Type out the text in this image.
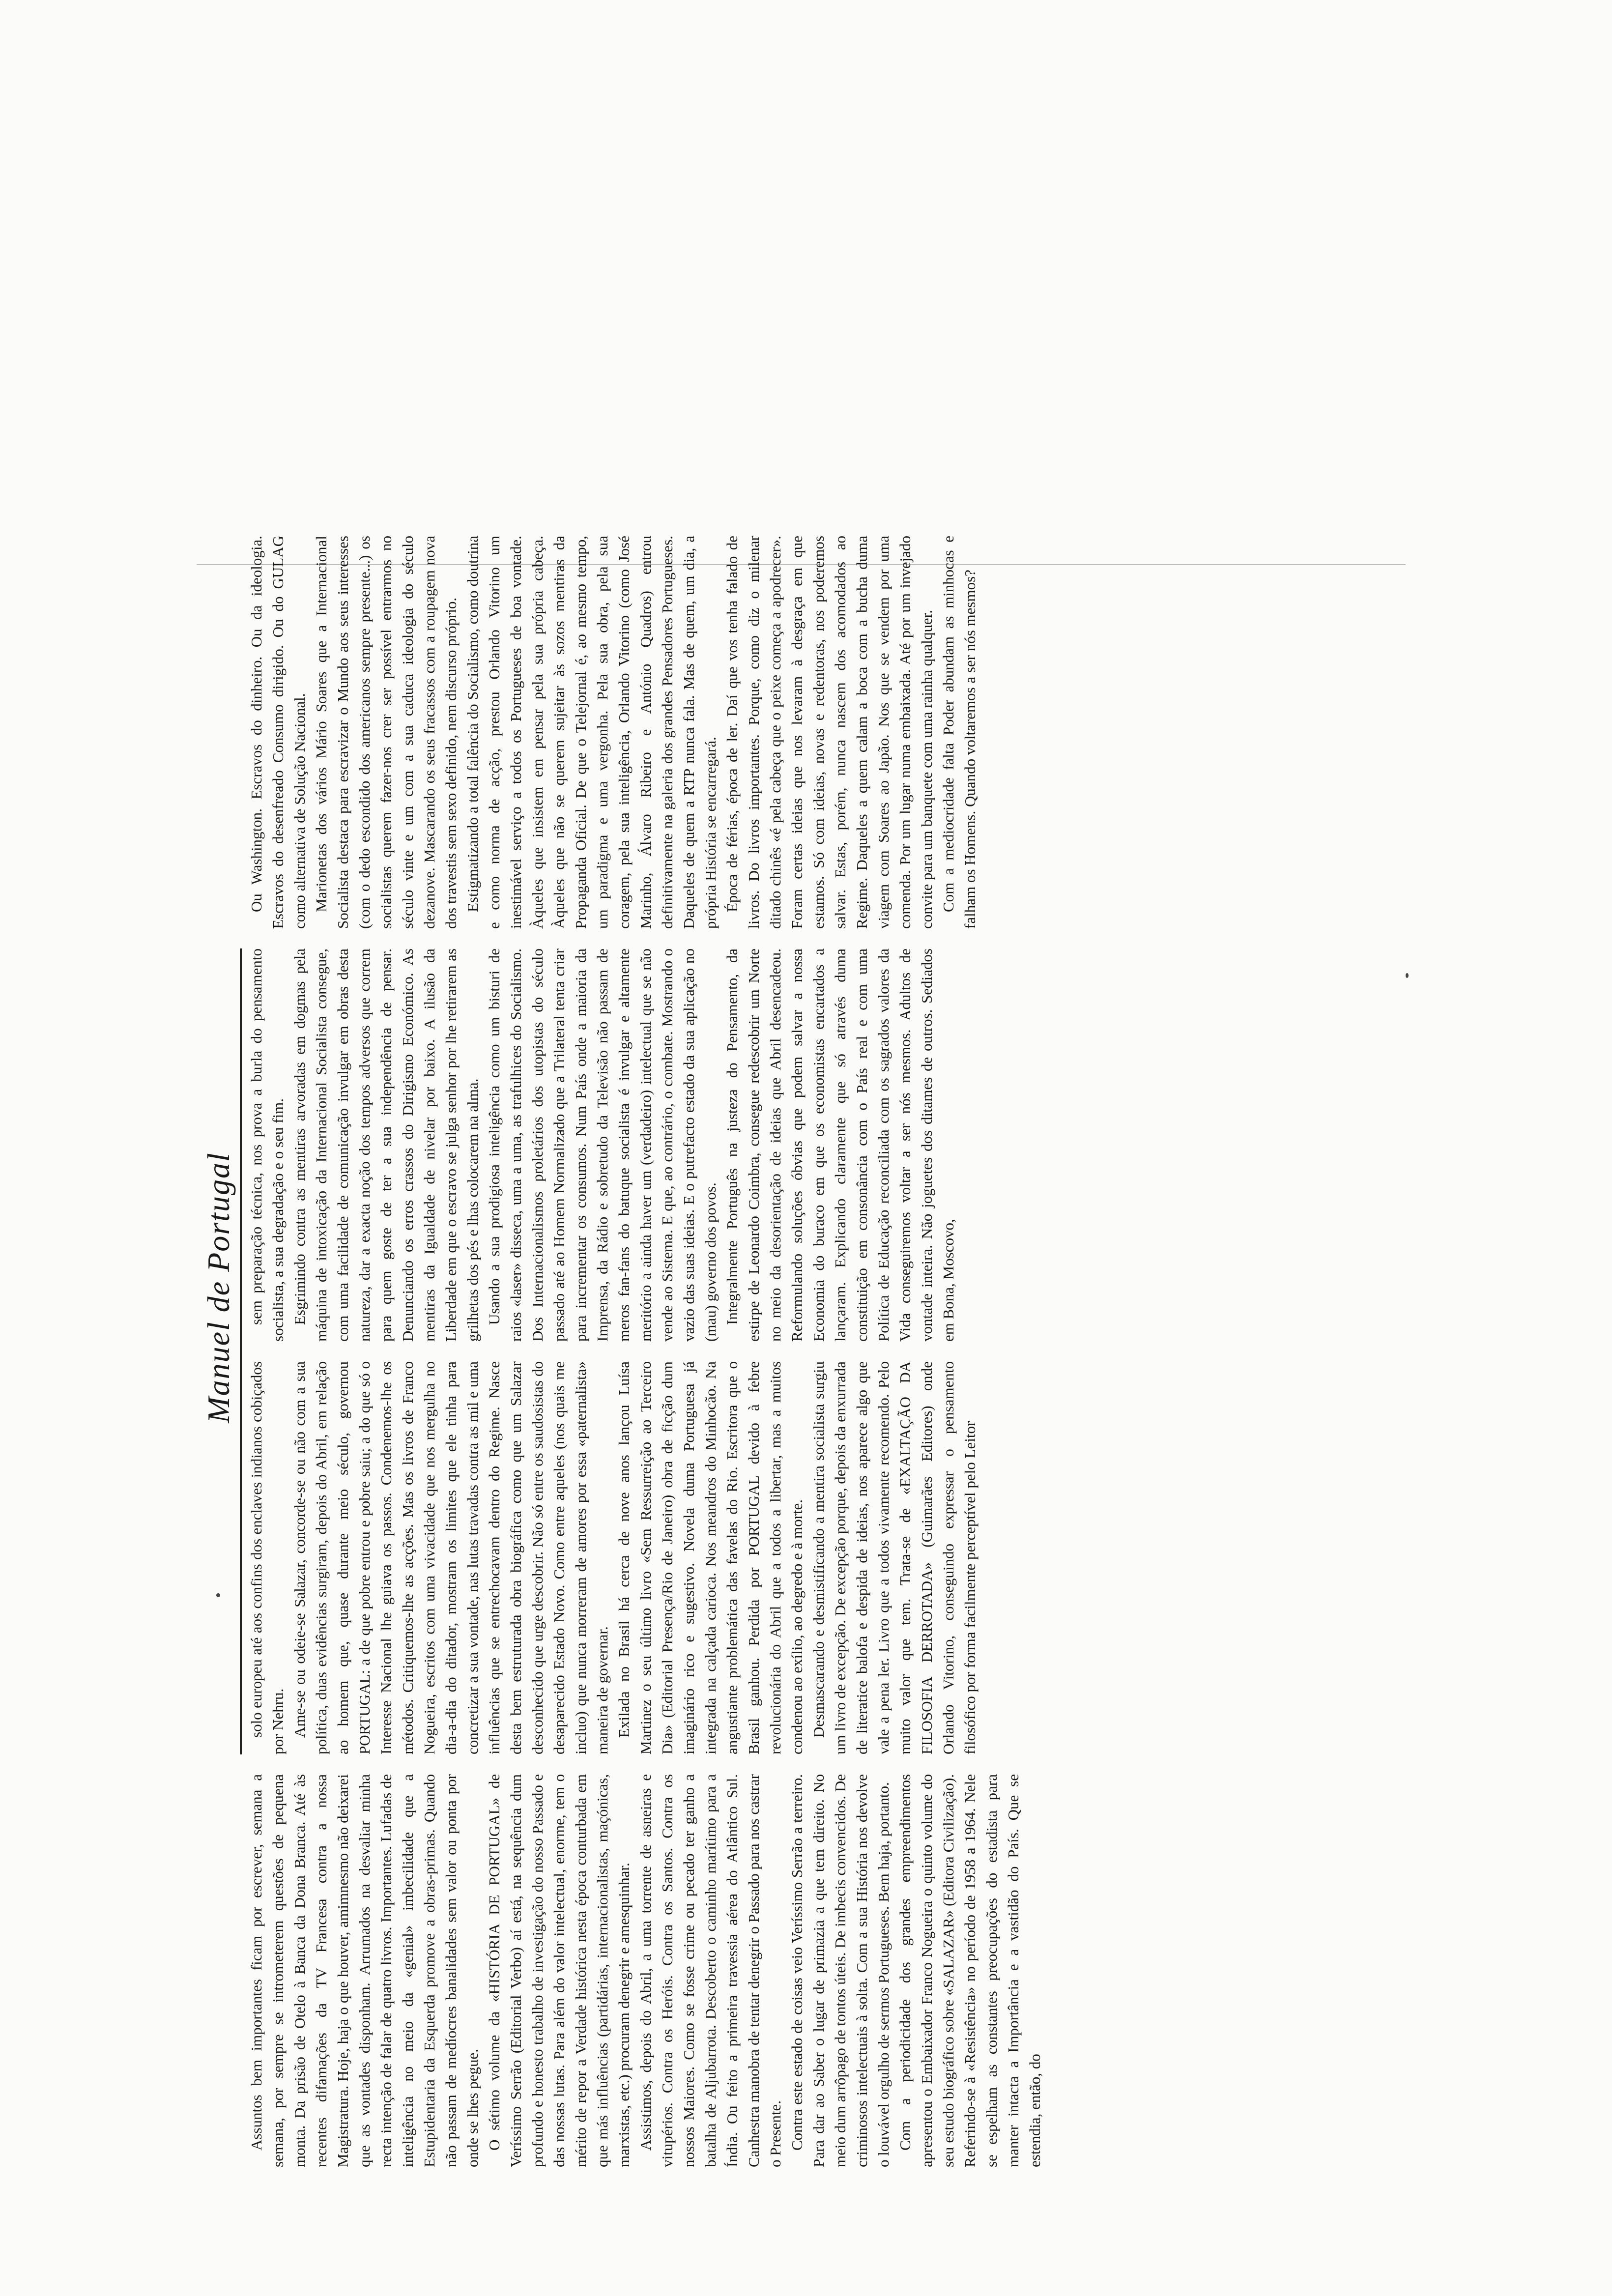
Manuel de Portugal

Assuntos bem importantes ficam por escrever, semana a semana, por sempre se intrometerem questões de pequena monta. Da prisão de Otelo à Banca da Dona Branca. Até às recentes difamações da TV Francesa contra a nossa Magistratura. Hoje, haja o que houver, amimnesmo não deixarei que as vontades disponham. Arrumados na desvaliar minha recta intenção de falar de quatro livros. Importantes. Lufadas de inteligência no meio da «genial» imbecilidade que a Estupidentaria da Esquerda promove a obras-primas. Quando não passam de medíocres banalidades sem valor ou ponta por onde se lhes pegue. O sétimo volume da «HISTÓRIA DE PORTUGAL» de Veríssimo Serrão (Editorial Verbo) aí está, na sequência dum profundo e honesto trabalho de investigação do nosso Passado e das nossas lutas. Para além do valor intelectual, enorme, tem o mérito de repor a Verdade histórica nesta época conturbada em que más influências (partidárias, internacionalistas, maçónicas, marxistas, etc.) procuram denegrir e amesquinhar. Assistimos, depois do Abril, a uma torrente de asneiras e vitupérios. Contra os Heróis. Contra os Santos. Contra os nossos Maiores. Como se fosse crime ou pecado ter ganho a batalha de Aljubarrota. Descoberto o caminho marítimo para a Índia. Ou feito a primeira travessia aérea do Atlântico Sul. Canhestra manobra de tentar denegrir o Passado para nos castrar o Presente. Contra este estado de coisas veio Veríssimo Serrão a terreiro. Para dar ao Saber o lugar de primazia a que tem direito. No meio dum arrôpago de tontos úteis. De imbecis convencidos. De criminosos intelectuais à solta. Com a sua História nos devolve o louvável orgulho de sermos Portugueses. Bem haja, portanto. Com a periodicidade dos grandes empreendimentos apresentou o Embaixador Franco Nogueira o quinto volume do seu estudo biográfico sobre «SALAZAR» (Editora Civilização). Referindo-se à «Resistência» no período de 1958 a 1964. Nele se espelham as constantes preocupações do estadista para manter intacta a Importância e a vastidão do País. Que se estendia, então, do

solo europeu até aos confins dos enclaves indianos cobiçados por Nehru. Ame-se ou odeie-se Salazar, concorde-se ou não com a sua política, duas evidências surgiram, depois do Abril, em relação ao homem que, quase durante meio século, governou PORTUGAL: a de que pobre entrou e pobre saiu; a do que só o Interesse Nacional lhe guiava os passos. Condenemos-lhe os métodos. Critiquemos-lhe as acções. Mas os livros de Franco Nogueira, escritos com uma vivacidade que nos mergulha no dia-a-dia do ditador, mostram os limites que ele tinha para concretizar a sua vontade, nas lutas travadas contra as mil e uma influências que se entrechocavam dentro do Regime. Nasce desta bem estruturada obra biográfica como que um Salazar desconhecido que urge descobrir. Não só entre os saudosistas do desaparecido Estado Novo. Como entre aqueles (nos quais me incluo) que nunca morreram de amores por essa «paternalista» maneira de governar. Exilada no Brasil há cerca de nove anos lançou Luísa Martinez o seu último livro «Sem Ressurreição ao Terceiro Dia» (Editorial Presença/Rio de Janeiro) obra de ficção dum imaginário rico e sugestivo. Novela duma Portuguesa já integrada na calçada carioca. Nos meandros do Minhocão. Na angustiante problemática das favelas do Rio. Escritora que o Brasil ganhou. Perdida por PORTUGAL devido à febre revolucionária do Abril que a todos a libertar, mas a muitos condenou ao exílio, ao degredo e à morte. Desmascarando e desmistificando a mentira socialista surgiu um livro de excepção. De excepção porque, depois da enxurrada de literatice balofa e despida de ideias, nos aparece algo que vale a pena ler. Livro que a todos vivamente recomendo. Pelo muito valor que tem. Trata-se de «EXALTAÇÃO DA FILOSOFIA DERROTADA» (Guimarães Editores) onde Orlando Vitorino, conseguindo expressar o pensamento filosófico por forma facilmente perceptível pelo Leitor

sem preparação técnica, nos prova a burla do pensamento socialista, a sua degradação e o seu fim. Esgrimindo contra as mentiras arvoradas em dogmas pela máquina de intoxicação da Internacional Socialista consegue, com uma facilidade de comunicação invulgar em obras desta natureza, dar a exacta noção dos tempos adversos que correm para quem goste de ter a sua independência de pensar. Denunciando os erros crassos do Dirigismo Económico. As mentiras da Igualdade de nivelar por baixo. A ilusão da Liberdade em que o escravo se julga senhor por lhe retirarem as grilhetas dos pés e lhas colocarem na alma. Usando a sua prodigiosa inteligência como um bisturi de raios «laser» disseca, uma a uma, as trafulhices do Socialismo. Dos Internacionalismos proletários dos utopistas do século passado até ao Homem Normalizado que a Trilateral tenta criar para incrementar os consumos. Num País onde a maioria da Imprensa, da Rádio e sobretudo da Televisão não passam de meros fan-fans do batuque socialista é invulgar e altamente meritório a ainda haver um (verdadeiro) intelectual que se não vende ao Sistema. E que, ao contrário, o combate. Mostrando o vazio das suas ideias. E o putrefacto estado da sua aplicação no (mau) governo dos povos. Integralmente Português na justeza do Pensamento, da estirpe de Leonardo Coimbra, consegue redescobrir um Norte no meio da desorientação de ideias que Abril desencadeou. Reformulando soluções óbvias que podem salvar a nossa Economia do buraco em que os economistas encartados a lançaram. Explicando claramente que só através duma constituição em consonância com o País real e com uma Política de Educação reconciliada com os sagrados valores da Vida conseguiremos voltar a ser nós mesmos. Adultos de vontade inteira. Não joguetes dos ditames de outros. Sediados em Bona, Moscovo,

Ou Washington. Escravos do dinheiro. Ou da ideologia. Escravos do desenfreado Consumo dirigido. Ou do GULAG como alternativa de Solução Nacional. Marionetas dos vários Mário Soares que a Internacional Socialista destaca para escravizar o Mundo aos seus interesses (com o dedo escondido dos americanos sempre presente...) os socialistas querem fazer-nos crer ser possível entrarmos no século vinte e um com a sua caduca ideologia do século dezanove. Mascarando os seus fracassos com a roupagem nova dos travestis sem sexo definido, nem discurso próprio. Estigmatizando a total falência do Socialismo, como doutrina e como norma de acção, prestou Orlando Vitorino um inestimável serviço a todos os Portugueses de boa vontade. Àqueles que insistem em pensar pela sua própria cabeça. Àqueles que não se querem sujeitar às sozos mentiras da Propaganda Oficial. De que o Telejornal é, ao mesmo tempo, um paradigma e uma vergonha. Pela sua obra, pela sua coragem, pela sua inteligência, Orlando Vitorino (como José Marinho, Álvaro Ribeiro e António Quadros) entrou definitivamente na galeria dos grandes Pensadores Portugueses. Daqueles de quem a RTP nunca fala. Mas de quem, um dia, a própria História se encarregará. Época de férias, época de ler. Daí que vos tenha falado de livros. Do livros importantes. Porque, como diz o milenar ditado chinês «é pela cabeça que o peixe começa a apodrecer». Foram certas ideias que nos levaram à desgraça em que estamos. Só com ideias, novas e redentoras, nos poderemos salvar. Estas, porém, nunca nascem dos acomodados ao Regime. Daqueles a quem calam a boca com a bucha duma viagem com Soares ao Japão. Nos que se vendem por uma comenda. Por um lugar numa embaixada. Até por um invejado convite para um banquete com uma rainha qualquer. Com a mediocridade falta Poder abundam as minhocas e falham os Homens. Quando voltaremos a ser nós mesmos?
